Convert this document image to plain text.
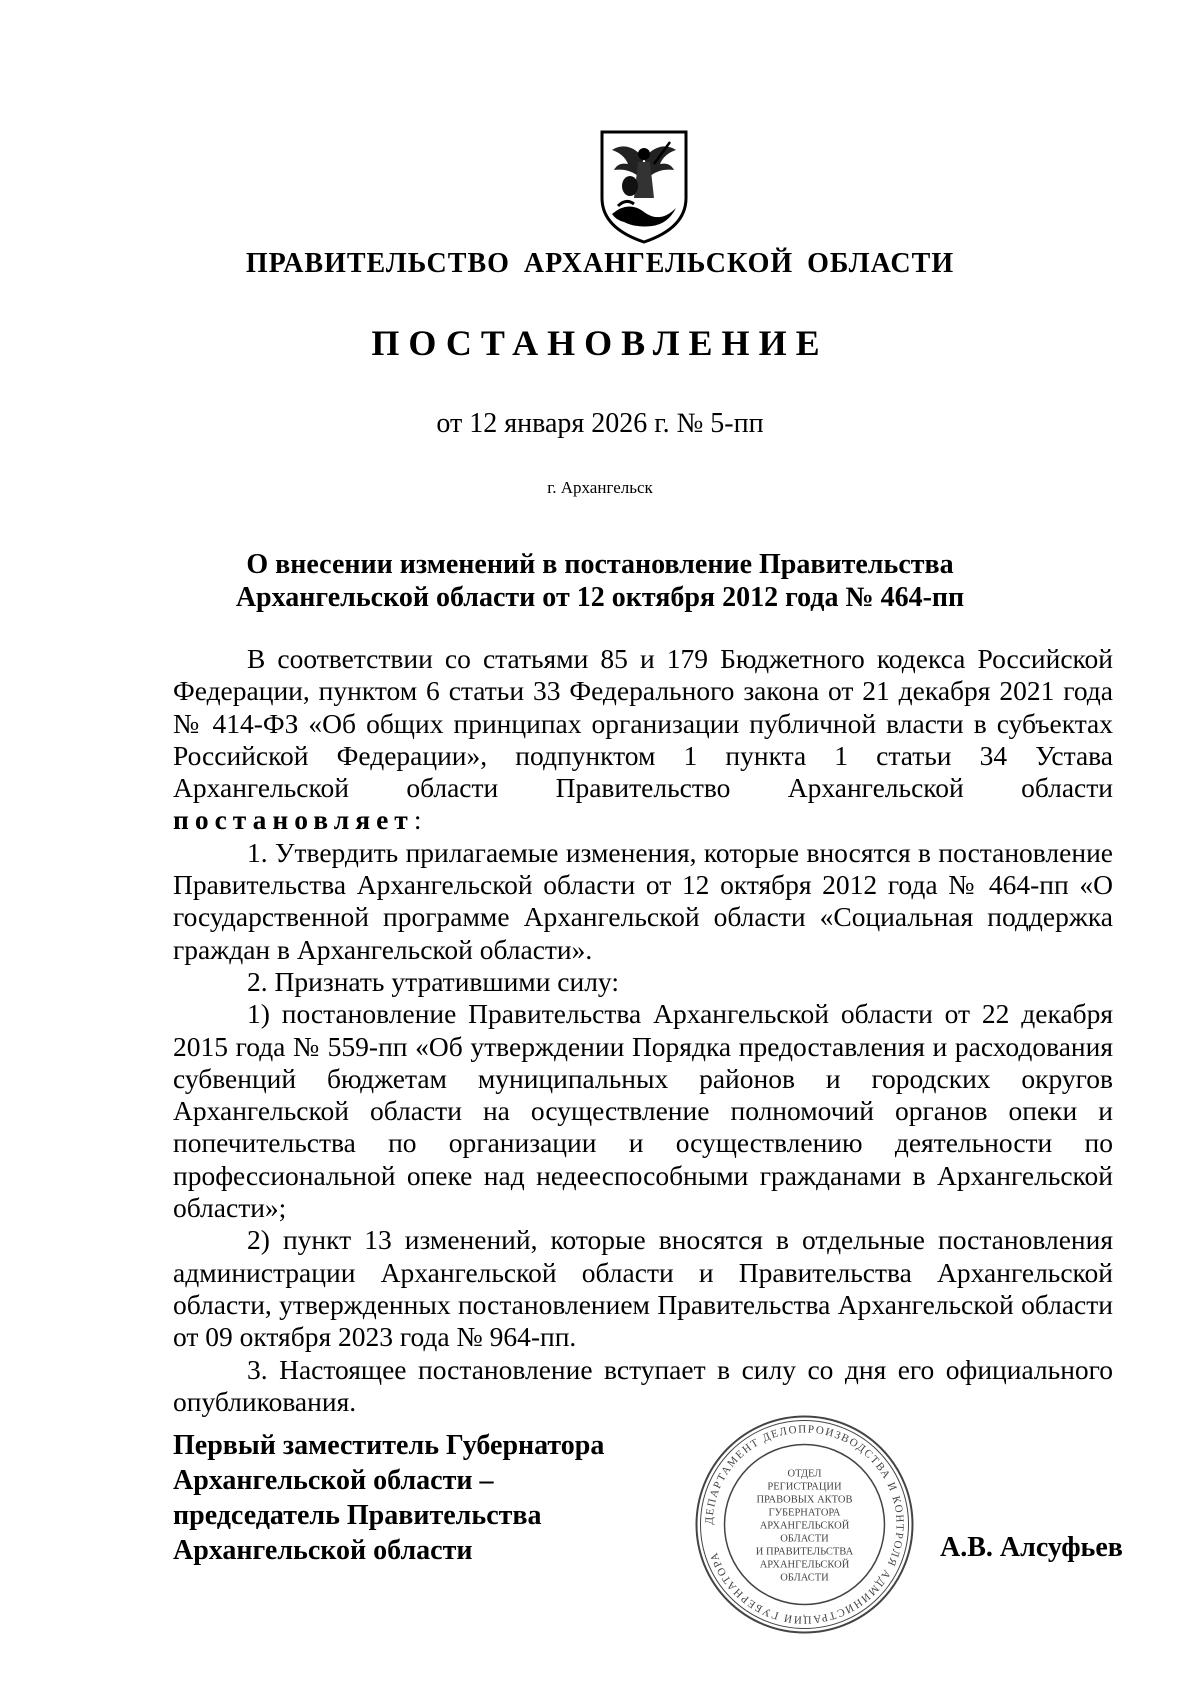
ПРАВИТЕЛЬСТВО АРХАНГЕЛЬСКОЙ ОБЛАСТИ
ПОСТАНОВЛЕНИЕ
от 12 января 2026 г. № 5-пп
г. Архангельск
О внесении изменений в постановление Правительства
Архангельской области от 12 октября 2012 года № 464-пп

В соответствии со статьями 85 и 179 Бюджетного кодекса Российской Федерации, пунктом 6 статьи 33 Федерального закона от 21 декабря 2021 года № 414-ФЗ «Об общих принципах организации публичной власти в субъектах Российской Федерации», подпунктом 1 пункта 1 статьи 34 Устава Архангельской области Правительство Архангельской области постановляет:

1. Утвердить прилагаемые изменения, которые вносятся в постановление Правительства Архангельской области от 12 октября 2012 года № 464-пп «О государственной программе Архангельской области «Социальная поддержка граждан в Архангельской области».

2. Признать утратившими силу:

1) постановление Правительства Архангельской области от 22 декабря 2015 года № 559-пп «Об утверждении Порядка предоставления и расходования субвенций бюджетам муниципальных районов и городских округов Архангельской области на осуществление полномочий органов опеки и попечительства по организации и осуществлению деятельности по профессиональной опеке над недееспособными гражданами в Архангельской области»;

2) пункт 13 изменений, которые вносятся в отдельные постановления администрации Архангельской области и Правительства Архангельской области, утвержденных постановлением Правительства Архангельской области от 09 октября 2023 года № 964-пп.

3. Настоящее постановление вступает в силу со дня его официального опубликования.

Первый заместитель Губернатора
Архангельской области –
председатель Правительства
Архангельской области
ДЕПАРТАМЕНТ ДЕЛОПРОИЗВОДСТВА И КОНТРОЛЯ АДМИНИСТРАЦИИ ГУБЕРНАТОРА
ОТДЕЛ
РЕГИСТРАЦИИ
ПРАВОВЫХ АКТОВ
ГУБЕРНАТОРА
АРХАНГЕЛЬСКОЙ
ОБЛАСТИ
И ПРАВИТЕЛЬСТВА
АРХАНГЕЛЬСКОЙ
ОБЛАСТИ
А.В. Алсуфьев
